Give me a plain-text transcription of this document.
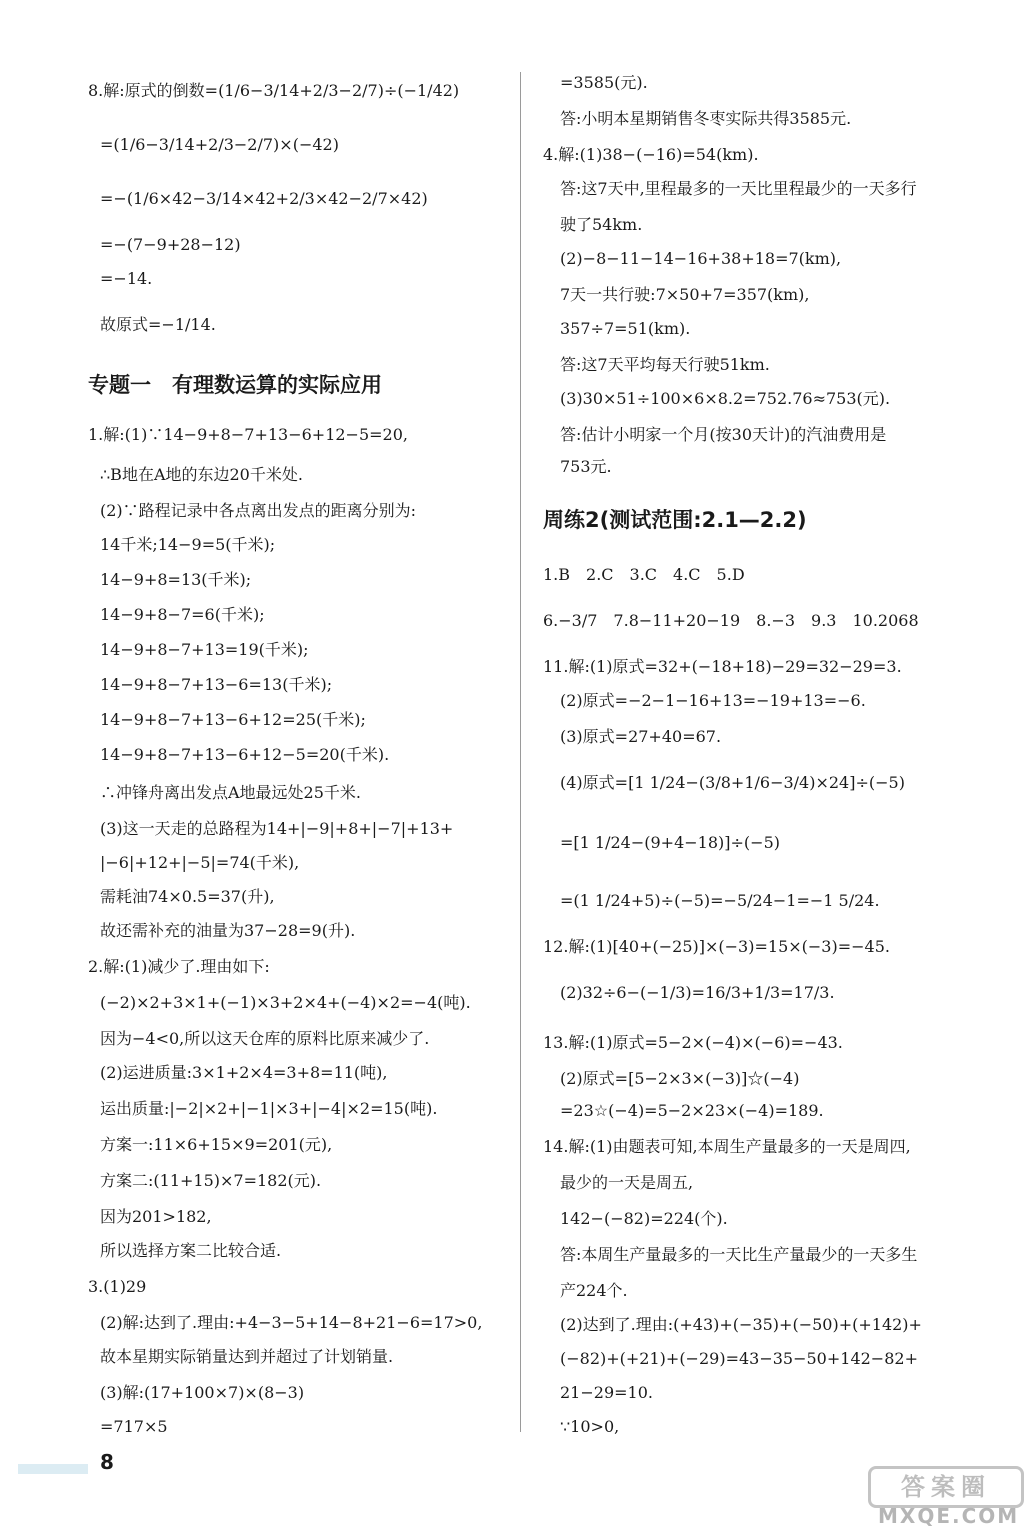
8.解:原式的倒数=(1/6−3/14+2/3−2/7)÷(−1/42)
=(1/6−3/14+2/3−2/7)×(−42)
=−(1/6×42−3/14×42+2/3×42−2/7×42)
=−(7−9+28−12)
=−14.
故原式=−1/14.
专题一　有理数运算的实际应用
1.解:(1)∵14−9+8−7+13−6+12−5=20,
∴B地在A地的东边20千米处.
(2)∵路程记录中各点离出发点的距离分别为:
14千米;14−9=5(千米);
14−9+8=13(千米);
14−9+8−7=6(千米);
14−9+8−7+13=19(千米);
14−9+8−7+13−6=13(千米);
14−9+8−7+13−6+12=25(千米);
14−9+8−7+13−6+12−5=20(千米).
∴冲锋舟离出发点A地最远处25千米.
(3)这一天走的总路程为14+|−9|+8+|−7|+13+
|−6|+12+|−5|=74(千米),
需耗油74×0.5=37(升),
故还需补充的油量为37−28=9(升).
2.解:(1)减少了.理由如下:
(−2)×2+3×1+(−1)×3+2×4+(−4)×2=−4(吨).
因为−4<0,所以这天仓库的原料比原来减少了.
(2)运进质量:3×1+2×4=3+8=11(吨),
运出质量:|−2|×2+|−1|×3+|−4|×2=15(吨).
方案一:11×6+15×9=201(元),
方案二:(11+15)×7=182(元).
因为201>182,
所以选择方案二比较合适.
3.(1)29
(2)解:达到了.理由:+4−3−5+14−8+21−6=17>0,
故本星期实际销量达到并超过了计划销量.
(3)解:(17+100×7)×(8−3)
=717×5
=3585(元).
答:小明本星期销售冬枣实际共得3585元.
4.解:(1)38−(−16)=54(km).
答:这7天中,里程最多的一天比里程最少的一天多行
驶了54km.
(2)−8−11−14−16+38+18=7(km),
7天一共行驶:7×50+7=357(km),
357÷7=51(km).
答:这7天平均每天行驶51km.
(3)30×51÷100×6×8.2=752.76≈753(元).
答:估计小明家一个月(按30天计)的汽油费用是
753元.
周练2(测试范围:2.1—2.2)
1.B　2.C　3.C　4.C　5.D
6.−3/7　7.8−11+20−19　8.−3　9.3　10.2068
11.解:(1)原式=32+(−18+18)−29=32−29=3.
(2)原式=−2−1−16+13=−19+13=−6.
(3)原式=27+40=67.
(4)原式=[1 1/24−(3/8+1/6−3/4)×24]÷(−5)
=[1 1/24−(9+4−18)]÷(−5)
=(1 1/24+5)÷(−5)=−5/24−1=−1 5/24.
12.解:(1)[40+(−25)]×(−3)=15×(−3)=−45.
(2)32÷6−(−1/3)=16/3+1/3=17/3.
13.解:(1)原式=5−2×(−4)×(−6)=−43.
(2)原式=[5−2×3×(−3)]☆(−4)
=23☆(−4)=5−2×23×(−4)=189.
14.解:(1)由题表可知,本周生产量最多的一天是周四,
最少的一天是周五,
142−(−82)=224(个).
答:本周生产量最多的一天比生产量最少的一天多生
产224个.
(2)达到了.理由:(+43)+(−35)+(−50)+(+142)+
(−82)+(+21)+(−29)=43−35−50+142−82+
21−29=10.
∵10>0,
8
答案圈
MXQE.COM
